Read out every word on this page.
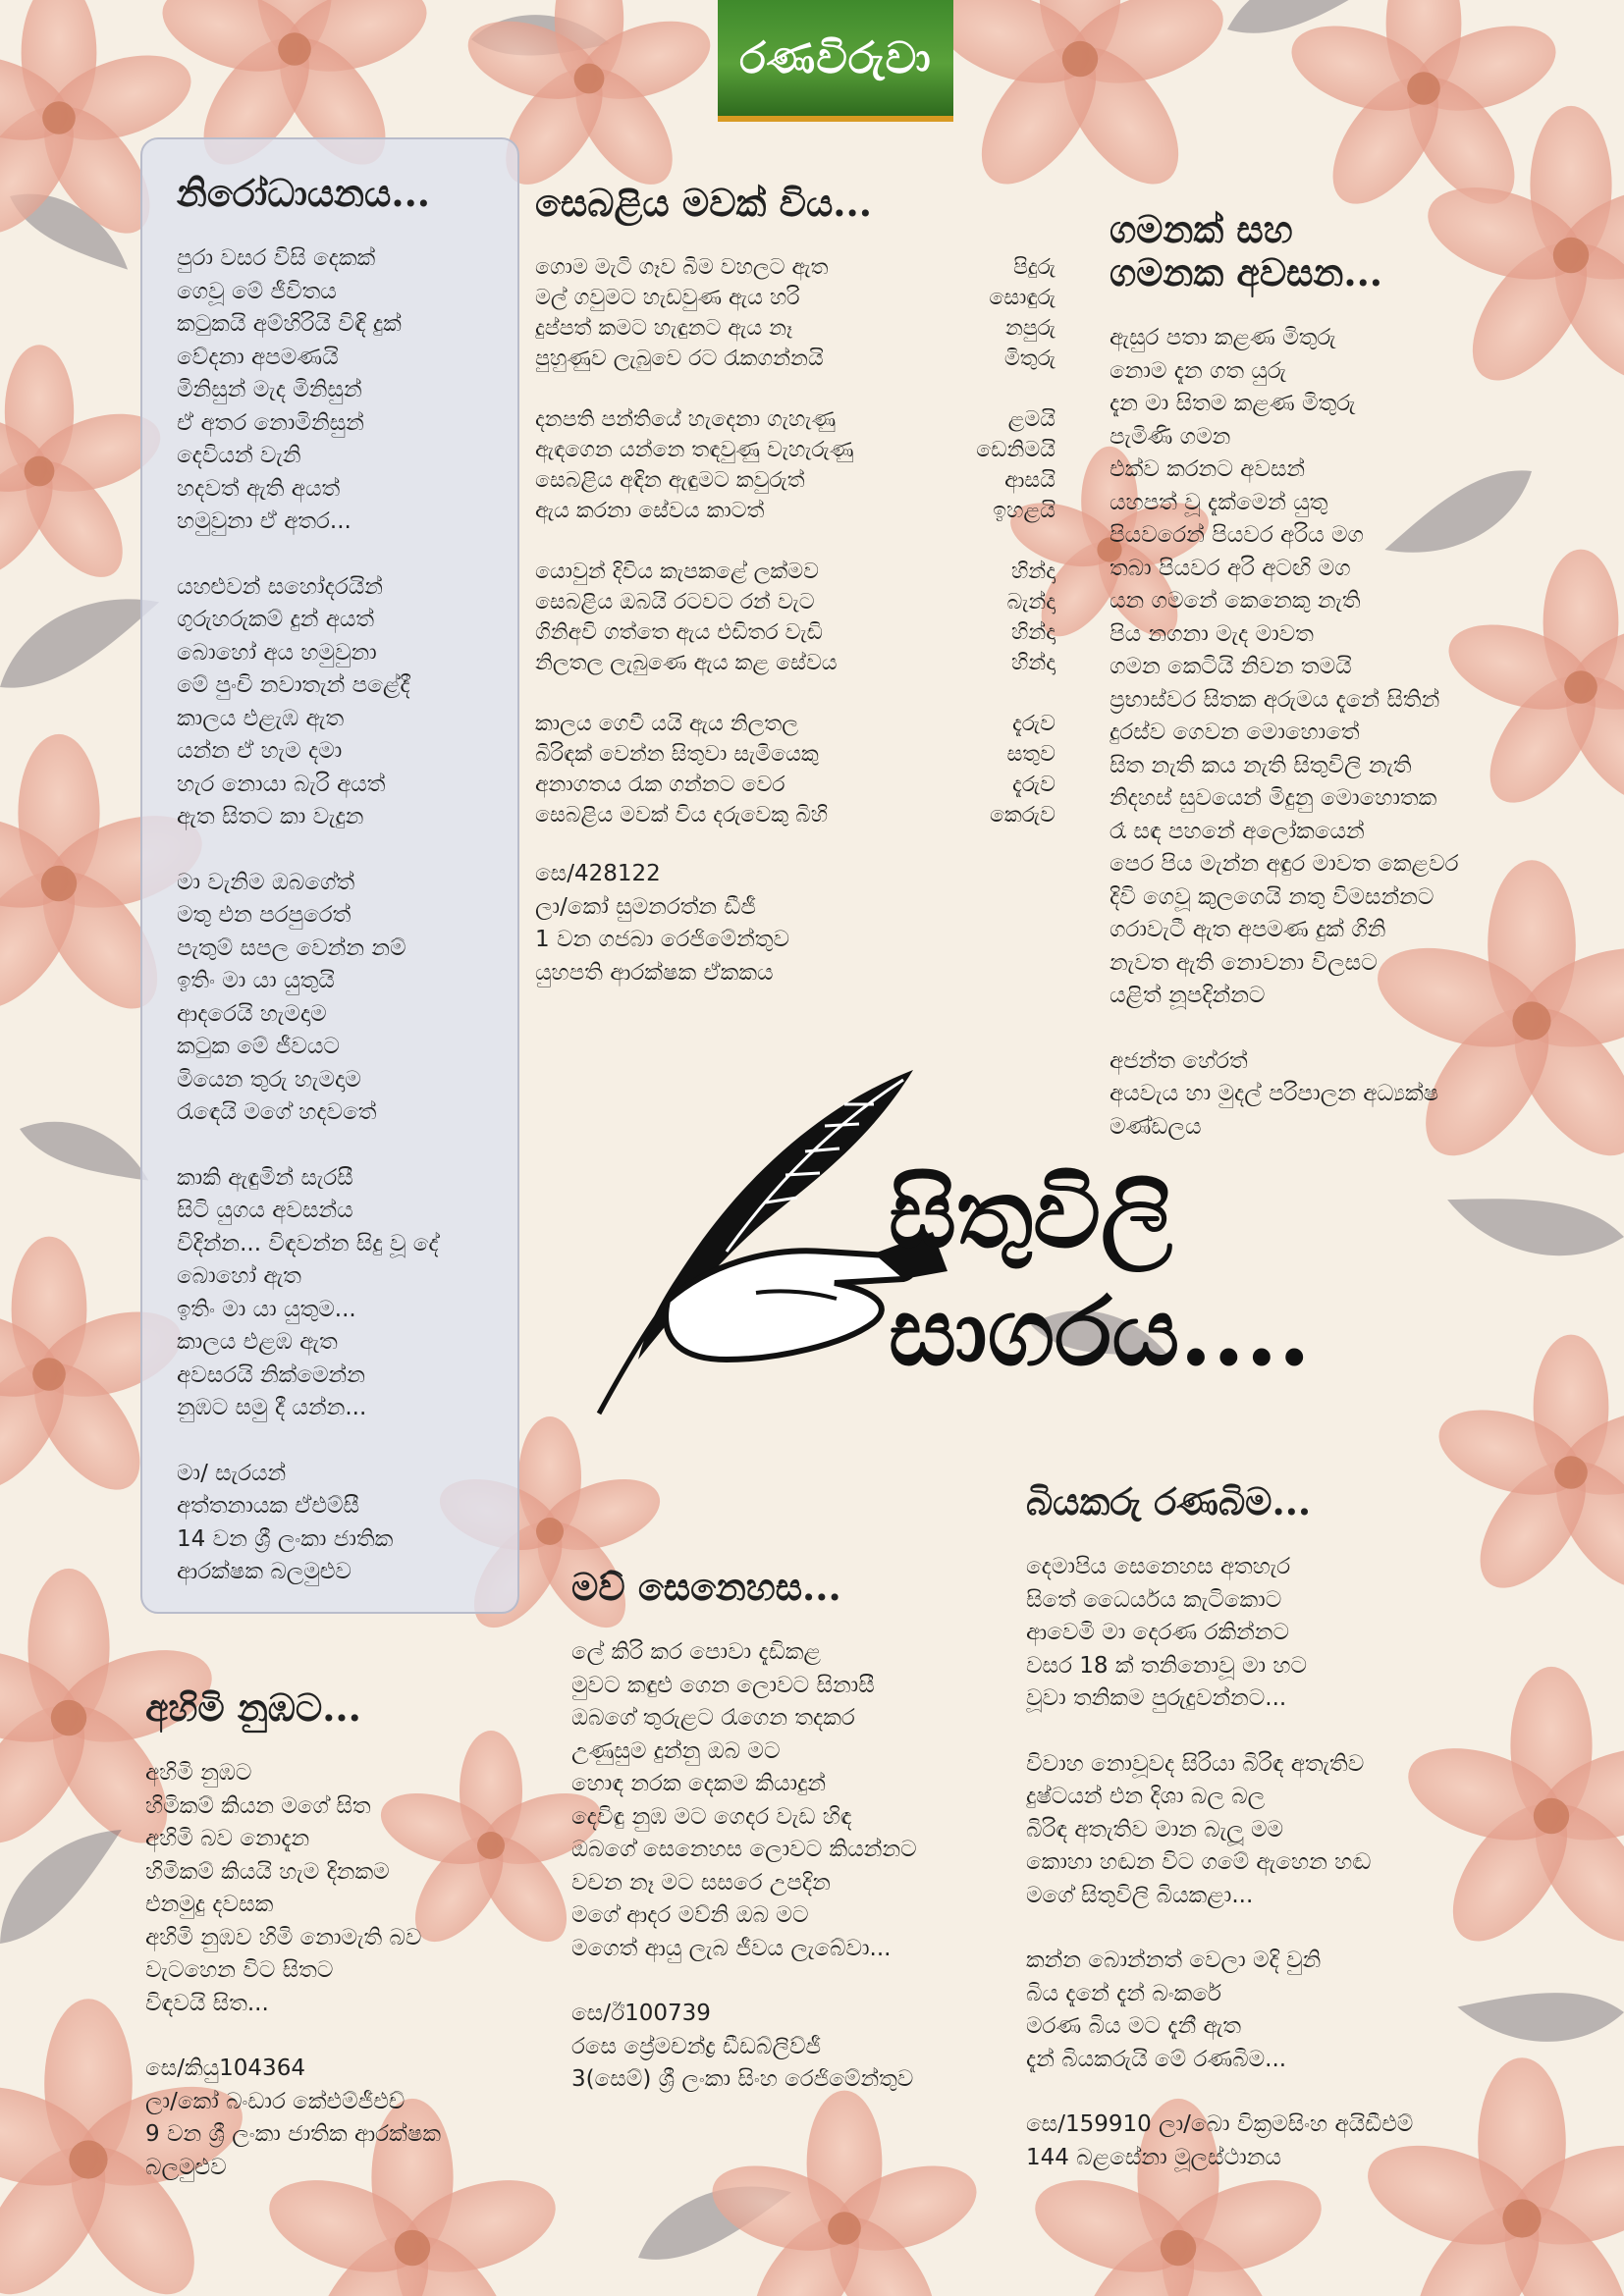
රණවිරුවා
නිරෝධායනය...
පුරා වසර විසි දෙකක්
ගෙවූ මේ ජීවිතය
කටුකයි අම්හිරියි විඳි දුක්
වේදනා අපමණයි
මිනිසුන් මැද මිනිසුන්
ඒ අතර නොමිනිසුන්
දෙවියන් වැනි
හදවත් ඇති අයත්
හමුවුනා ඒ අතර...
යහළුවන් සහෝදරයින්
ගුරුහරුකම් දුන් අයත්
බොහෝ අය හමුවුනා
මේ පුංචි නවාතැන් පළේදී
කාලය එළැඹ ඇත
යන්න ඒ හැම දමා
හැර නොයා බැරි අයත්
ඇත සිතට කා වැදුන
මා වැනිම ඔබගේත්
මතු එන පරපුරෙත්
පැතුම් සපල වෙන්න නම්
ඉතිං මා යා යුතුයි
ආදරෙයි හැමදාම
කටුක මේ ජීවයට
මියෙන තුරු හැමදාම
රැඳෙයි මගේ හදවතේ
කාකි ඇඳුමින් සැරසී
සිටි යුගය අවසන්ය
විදින්න... විඳවන්න සිදු වූ දේ
බොහෝ ඇත
ඉතිං මා යා යුතුම...
කාලය එළඹ ඇත
අවසරයි නික්මෙන්න
නුඹට සමු දී යන්න...
මා/ සැරයන්
අත්තනායක ඒඑම්සී
14 වන ශ්‍රී ලංකා ජාතික
ආරක්ෂක බලමුළුව
සෙබළිය මවක් විය...
ගොම මැටි ගෑව බිම වහලට ඇත	පිදුරු
මල් ගවුමට හැඩවුණ ඇය හරි	සොඳුරු
දුප්පත් කමට හැඳුනට ඇය නෑ	නපුරු
පුහුණුව ලැබුවෙ රට රැකගන්නයි	මිතුරු
දනපති පන්තියේ හැදෙනා ගැහැණු	ළමයි
ඇඳගෙන යන්නෙ තඳවුණු වැහැරුණු	ඩෙනිමයි
සෙබළිය අඳින ඇඳුමට කවුරුත්	ආසයි
ඇය කරනා සේවය කාටත්	ඉහළයි
යොවුන් දිවිය කැපකළේ ලක්මව	හින්දා
සෙබළිය ඔබයි රටවට රන් වැට	බැන්දා
ගිනිඅවි ගත්තෙ ඇය එඩිතර වැඩි	හින්දා
නිලතල ලැබුණෙ ඇය කළ සේවය	හින්දා
කාලය ගෙවී යයි ඇය නිලතල	දැරුව
බිරිඳක් වෙන්න සිතුවා සැමියෙකු	සතුව
අනාගතය රැක ගන්නට වෙර	දැරුව
සෙබළිය මවක් විය දරුවෙකු බිහි	කෙරුව
සෙ/428122
ලා/කෝ සුමනරත්න ඩීජී
1 වන ගජබා රෙජිමේන්තුව
යුහපති ආරක්ෂක ඒකකය
ගමනක් සහ
ගමනක අවසන...
ඇසුර පතා කළණ මිතුරු
නොම දැන ගත යුරු
දැන මා සිතම කළණ මිතුරු
පැමිණි ගමන
එක්ව කරනට අවසන්
යහපත් වූ දැක්මෙන් යුතු
පියවරෙන් පියවර අරිය මග
තබා පියවර අරි අටඟි මග
යන ගමනේ කෙනෙකු නැති
පිය නගනා මැද මාවත
ගමන කෙටියි නිවන තමයි
ප්‍රභාස්වර සිතක අරුමය දැනේ සිතින්
දුරස්ව ගෙවන මොහොතේ
සිත නැති කය නැති සිතුවිලි නැති
නිදහස් සුවයෙන් මිදුනු මොහොතක
රෑ සඳ පහනේ අලෝකයෙන්
පෙර පිය මැන්න අඳුර මාවත කෙළවර
දිවි ගෙවූ කුලගෙයි නතු විමසන්නට
ගරාවැටී ඇත අපමණ දුක් ගිනි
නැවත ඇති නොවනා විලසට
යළිත් නූපදින්නට
අජන්ත හේරත්
අයවැය හා මුදල් පරිපාලන අධ්‍යක්ෂ
මණ්ඩලය
සිතුවිලි
සාගරය....
බියකරු රණබිම...
දෙමාපිය සෙනෙහස අතහැර
සිතේ ධෛර්යය කැටිකොට
ආවෙමි මා දෙරණ රකින්නට
වසර 18 ක් තනිනොවූ මා හට
වූවා තනිකම පුරුදුවන්නට...
විවාහ නොවූවද සිරියා බිරිඳ අතැතිව
දුෂ්ටයන් එන දිශා බල බල
බිරිඳ අතැතිව මාන බැලූ මම
කොහා හඬන විට ගමේ ඇහෙන හඬ
මගේ සිතුවිලි බියකළා...
කන්න බොන්නත් වෙලා මදි වුනි
බිය දැනේ දැන් බංකරේ
මරණ බිය මට දැනී ඇත
දැන් බියකරුයි මේ රණබිම...
සෙ/159910 ලා/බො වික්‍රමසිංහ අයිඩීඑම්
144 බළසේනා මූලස්ථානය
මව් සෙනෙහස...
ලේ කිරි කර පොවා දැඩිකළ
මුවට කඳුළු ගෙන ලොවට සිනාසී
ඔබගේ තුරුළට රැගෙන තදකර
උණුසුම දුන්නු ඔබ මට
හොඳ නරක දෙකම කියාදුන්
දෙවිඳු නුඹ මට ගෙදර වැඩ හිඳ
ඔබගේ සෙනෙහස ලොවට කියන්නට
වචන නෑ මට සසරෙ උපදින
මගේ ආදර මව්නි ඔබ මට
මගෙත් ආයු ලැබ ජීවය ලැබේවා...
සෙ/ඊ100739
රසෙ ප්‍රේමචන්ද්‍ර ඩීඩබ්ලිව්ජී
3(සෙම්) ශ්‍රී ලංකා සිංහ රෙජිමේන්තුව
අහිමි නුඹට...
අහිමි නුඹට
හිමිකම් කියන මගේ සිත
අහිමි බව නොදැන
හිමිකම් කියයි හැම දිනකම
එනමුදු දවසක
අහිමි නුඹව හිමි නොමැති බව
වැටහෙන විට සිතට
විඳවයි සිත...
සෙ/කියු104364
ලා/කෝ බංඩාර කේඑම්ජීඑච්
9 වන ශ්‍රී ලංකා ජාතික ආරක්ෂක
බලමුළුව
